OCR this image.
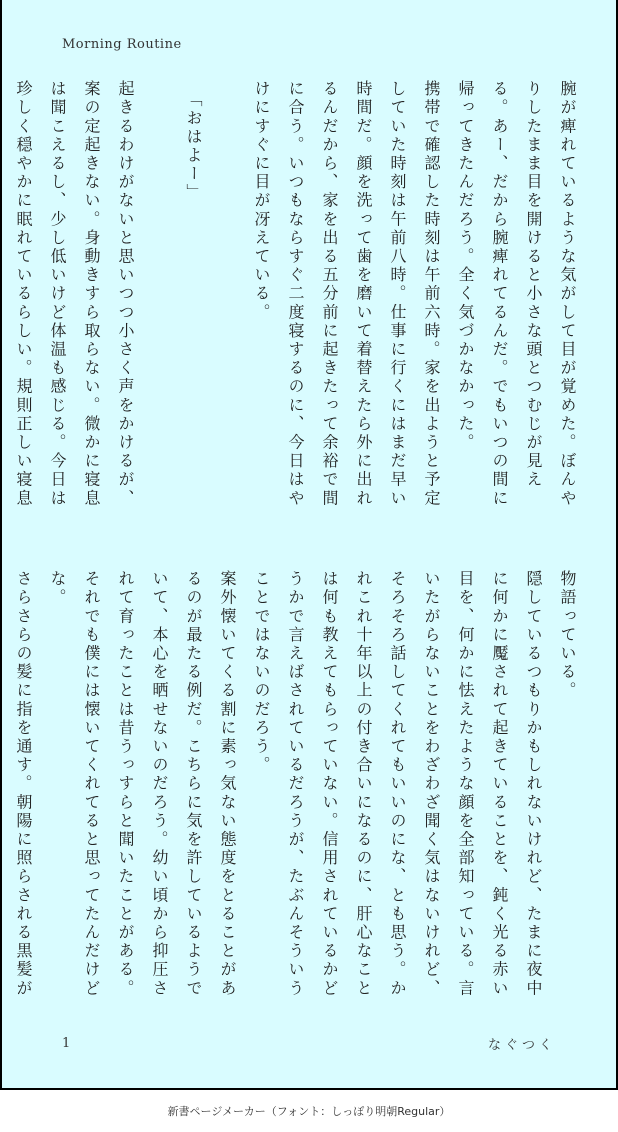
Morning Routine
腕が痺れているような気がして目が覚めた。ぼんやりしたまま目を開けると小さな頭とつむじが見える。あー、だから腕痺れてるんだ。でもいつの間に帰ってきたんだろう。全く気づかなかった。
携帯で確認した時刻は午前六時。家を出ようと予定していた時刻は午前八時。仕事に行くにはまだ早い時間だ。顔を洗って歯を磨いて着替えたら外に出れるんだから、家を出る五分前に起きたって余裕で間に合う。いつもならすぐ二度寝するのに、今日はやけにすぐに目が冴えている。

　「おはよー」

起きるわけがないと思いつつ小さく声をかけるが、案の定起きない。身動きすら取らない。微かに寝息は聞こえるし、少し低いけど体温も感じる。今日は珍しく穏やかに眠れているらしい。規則正しい寝息
物語っている。
隠しているつもりかもしれないけれど、たまに夜中に何かに魘されて起きていることを、鈍く光る赤い目を、何かに怯えたような顔を全部知っている。言いたがらないことをわざわざ聞く気はないけれど、そろそろ話してくれてもいいのにな、とも思う。かれこれ十年以上の付き合いになるのに、肝心なことは何も教えてもらっていない。信用されているかどうかで言えばされているだろうが、たぶんそういうことではないのだろう。
案外懐いてくる割に素っ気ない態度をとることがあるのが最たる例だ。こちらに気を許しているようでいて、本心を晒せないのだろう。幼い頃から抑圧されて育ったことは昔うっすらと聞いたことがある。それでも僕には懐いてくれてると思ってたんだけどな。
さらさらの髪に指を通す。朝陽に照らされる黒髪が
1	なぐつく
新書ページメーカー（フォント：しっぽり明朝Regular）
